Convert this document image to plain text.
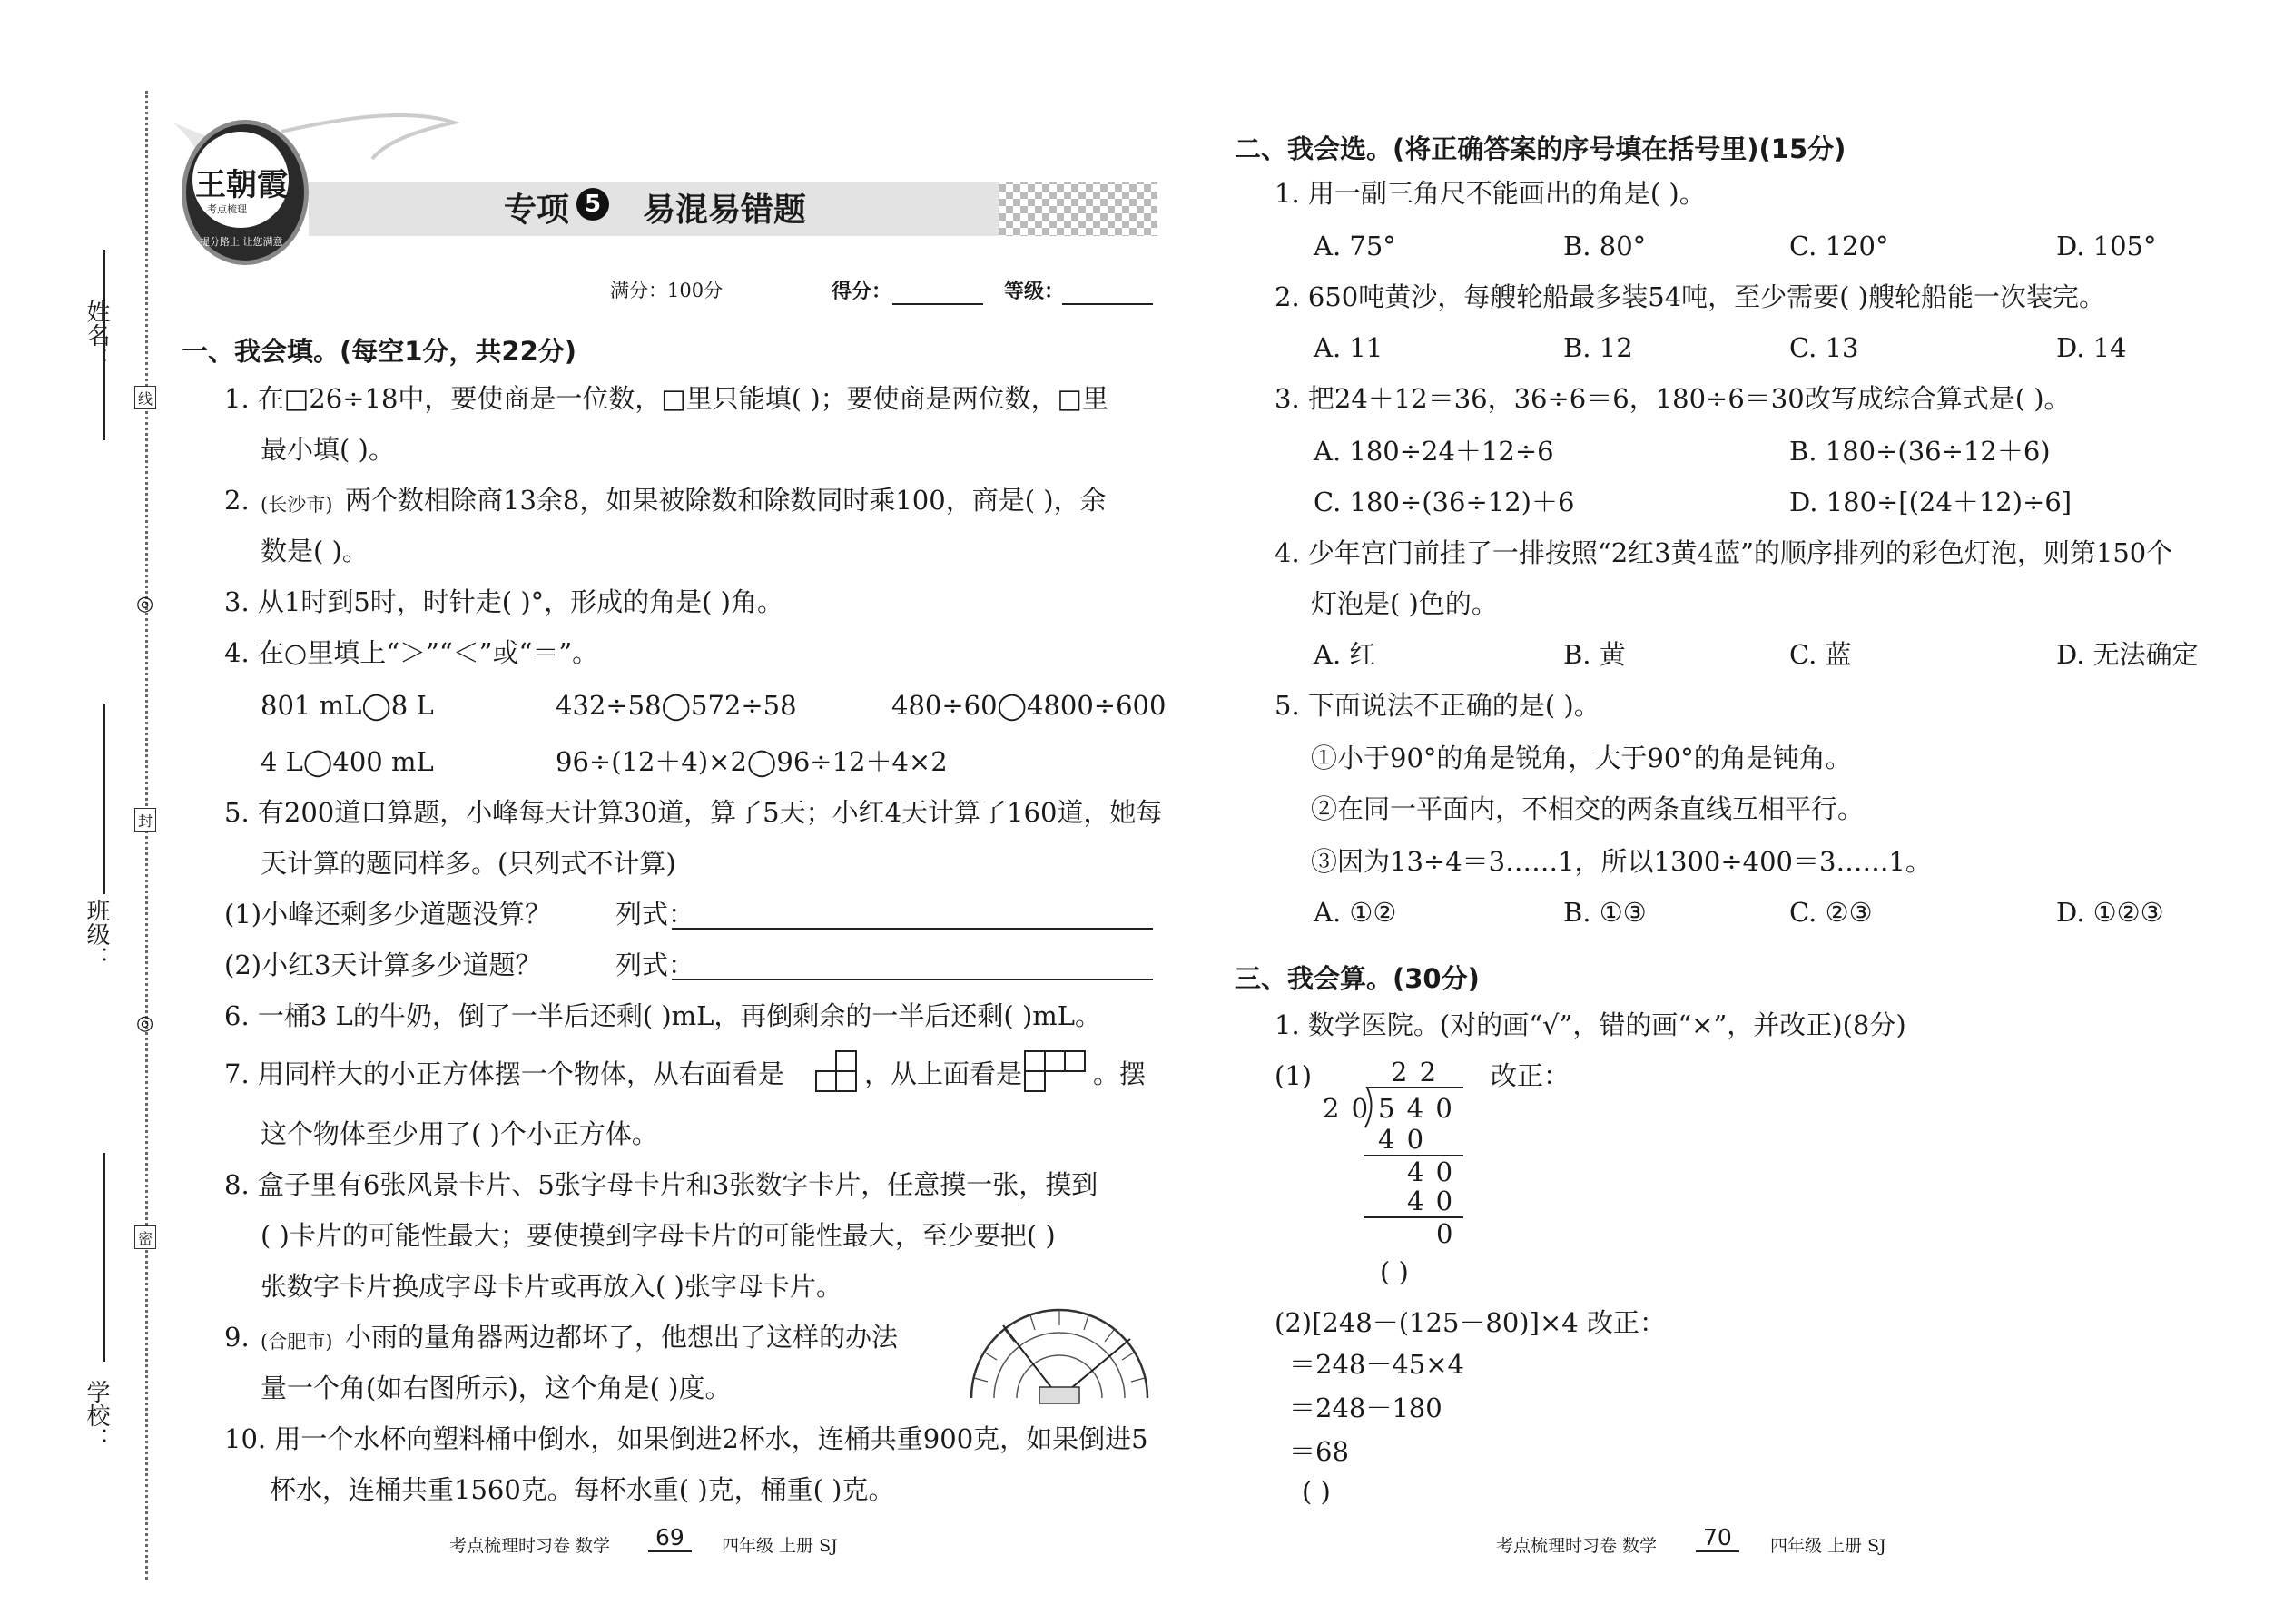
姓名：
班级：
学校：
线
封
密
◎
◎
王朝霞
考点梳理
提分路上 让您满意
专项 5 易混易错题
满分：100分	得分：	等级：
一、我会填。(每空1分，共22分)
1. 在□26÷18中，要使商是一位数，□里只能填( )；要使商是两位数，□里
最小填( )。
2. (长沙市) 两个数相除商13余8，如果被除数和除数同时乘100，商是( )，余
数是( )。
3. 从1时到5时，时针走( )°，形成的角是( )角。
4. 在○里填上“＞”“＜”或“＝”。
801 mL◯8 L	432÷58◯572÷58	480÷60◯4800÷600
4 L◯400 mL	96÷(12＋4)×2◯96÷12＋4×2
5. 有200道口算题，小峰每天计算30道，算了5天；小红4天计算了160道，她每
天计算的题同样多。(只列式不计算)
(1)小峰还剩多少道题没算？ 列式：
(2)小红3天计算多少道题？	列式：
6. 一桶3 L的牛奶，倒了一半后还剩( )mL，再倒剩余的一半后还剩( )mL。
7. 用同样大的小正方体摆一个物体，从右面看是	，从上面看是	。摆
这个物体至少用了( )个小正方体。
8. 盒子里有6张风景卡片、5张字母卡片和3张数字卡片，任意摸一张，摸到
( )卡片的可能性最大；要使摸到字母卡片的可能性最大，至少要把( )
张数字卡片换成字母卡片或再放入( )张字母卡片。
9. (合肥市) 小雨的量角器两边都坏了，他想出了这样的办法
量一个角(如右图所示)，这个角是( )度。
10. 用一个水杯向塑料桶中倒水，如果倒进2杯水，连桶共重900克，如果倒进5
杯水，连桶共重1560克。每杯水重( )克，桶重( )克。
考点梳理时习卷 数学	69	四年级 上册 SJ
二、我会选。(将正确答案的序号填在括号里)(15分)
1. 用一副三角尺不能画出的角是( )。
A. 75°	B. 80°	C. 120°	D. 105°
2. 650吨黄沙，每艘轮船最多装54吨，至少需要( )艘轮船能一次装完。
A. 11	B. 12	C. 13	D. 14
3. 把24＋12＝36，36÷6＝6，180÷6＝30改写成综合算式是( )。
A. 180÷24＋12÷6	B. 180÷(36÷12＋6)
C. 180÷(36÷12)＋6	D. 180÷[(24＋12)÷6]
4. 少年宫门前挂了一排按照“2红3黄4蓝”的顺序排列的彩色灯泡，则第150个
灯泡是( )色的。
A. 红	B. 黄	C. 蓝	D. 无法确定
5. 下面说法不正确的是( )。
①小于90°的角是锐角，大于90°的角是钝角。
②在同一平面内，不相交的两条直线互相平行。
③因为13÷4＝3……1，所以1300÷400＝3……1。
A. ①②	B. ①③	C. ②③	D. ①②③
三、我会算。(30分)
1. 数学医院。(对的画“√”，错的画“×”，并改正)(8分)
(1)	改正：
2 2
2 0 5 4 0
4 0
4 0
4 0
0
( )
(2)[248－(125－80)]×4 改正：
＝248－45×4
＝248－180
＝68
( )
考点梳理时习卷 数学	70	四年级 上册 SJ
